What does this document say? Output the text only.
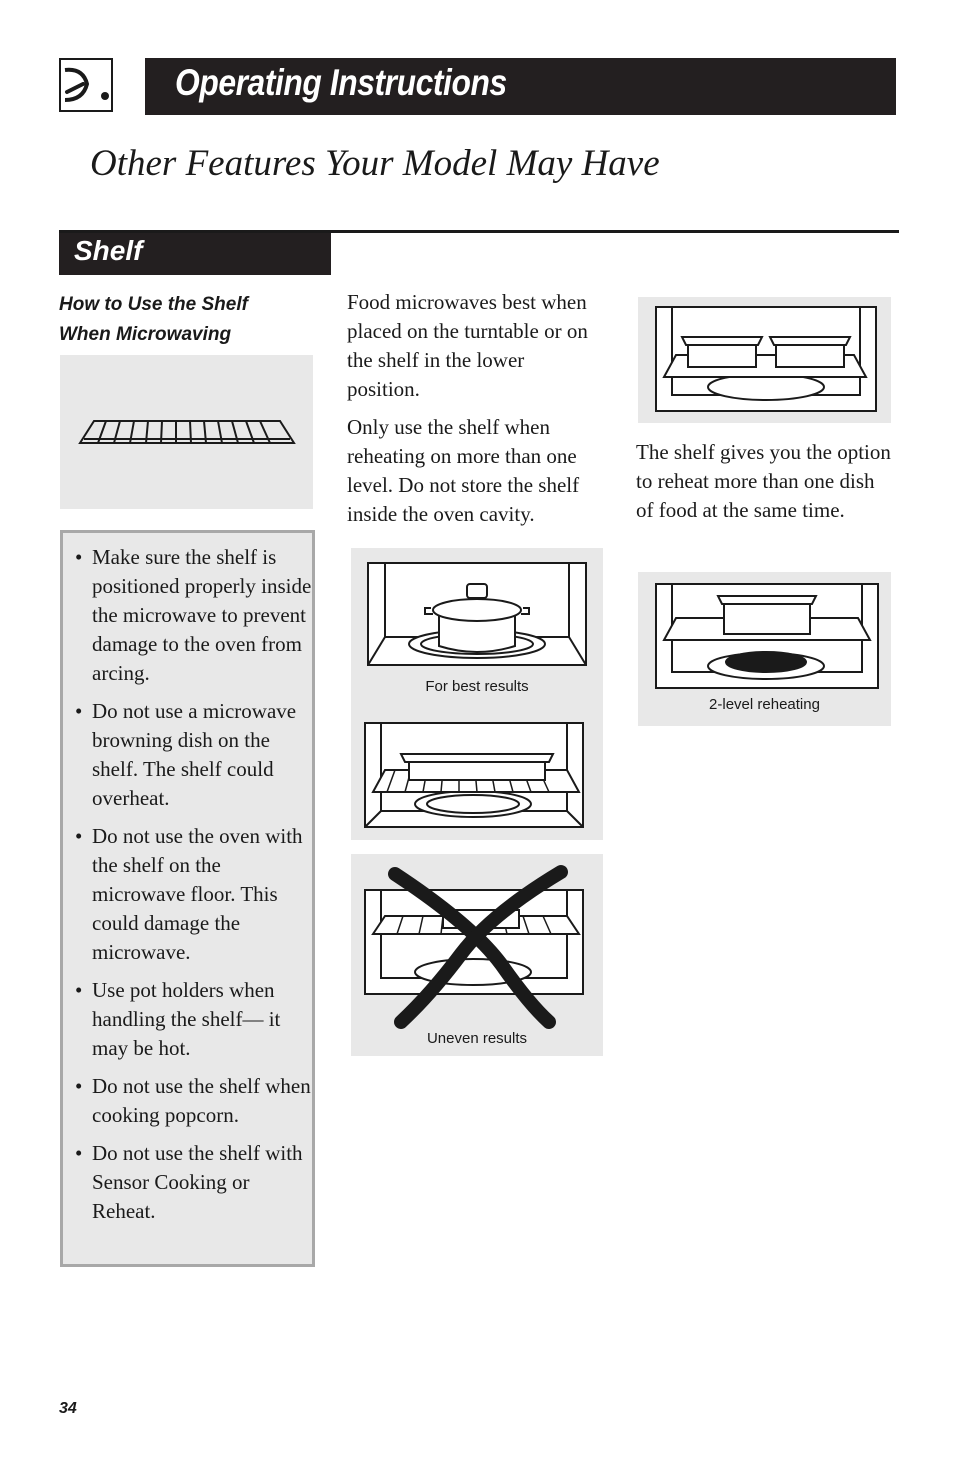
Operating Instructions
Other Features Your Model May Have
Shelf
How to Use the Shelf
When Microwaving
• Make sure the shelf is positioned properly inside the microwave to prevent damage to the oven from arcing.
• Do not use a microwave browning dish on the shelf. The shelf could overheat.
• Do not use the oven with the shelf on the microwave floor. This could damage the microwave.
• Use pot holders when handling the shelf— it may be hot.
• Do not use the shelf when cooking popcorn.
• Do not use the shelf with Sensor Cooking or Reheat.
Food microwaves best when placed on the turntable or on the shelf in the lower position.
Only use the shelf when reheating on more than one level. Do not store the shelf inside the oven cavity.
The shelf gives you the option to reheat more than one dish of food at the same time.
For best results
Uneven results
2-level reheating
34
